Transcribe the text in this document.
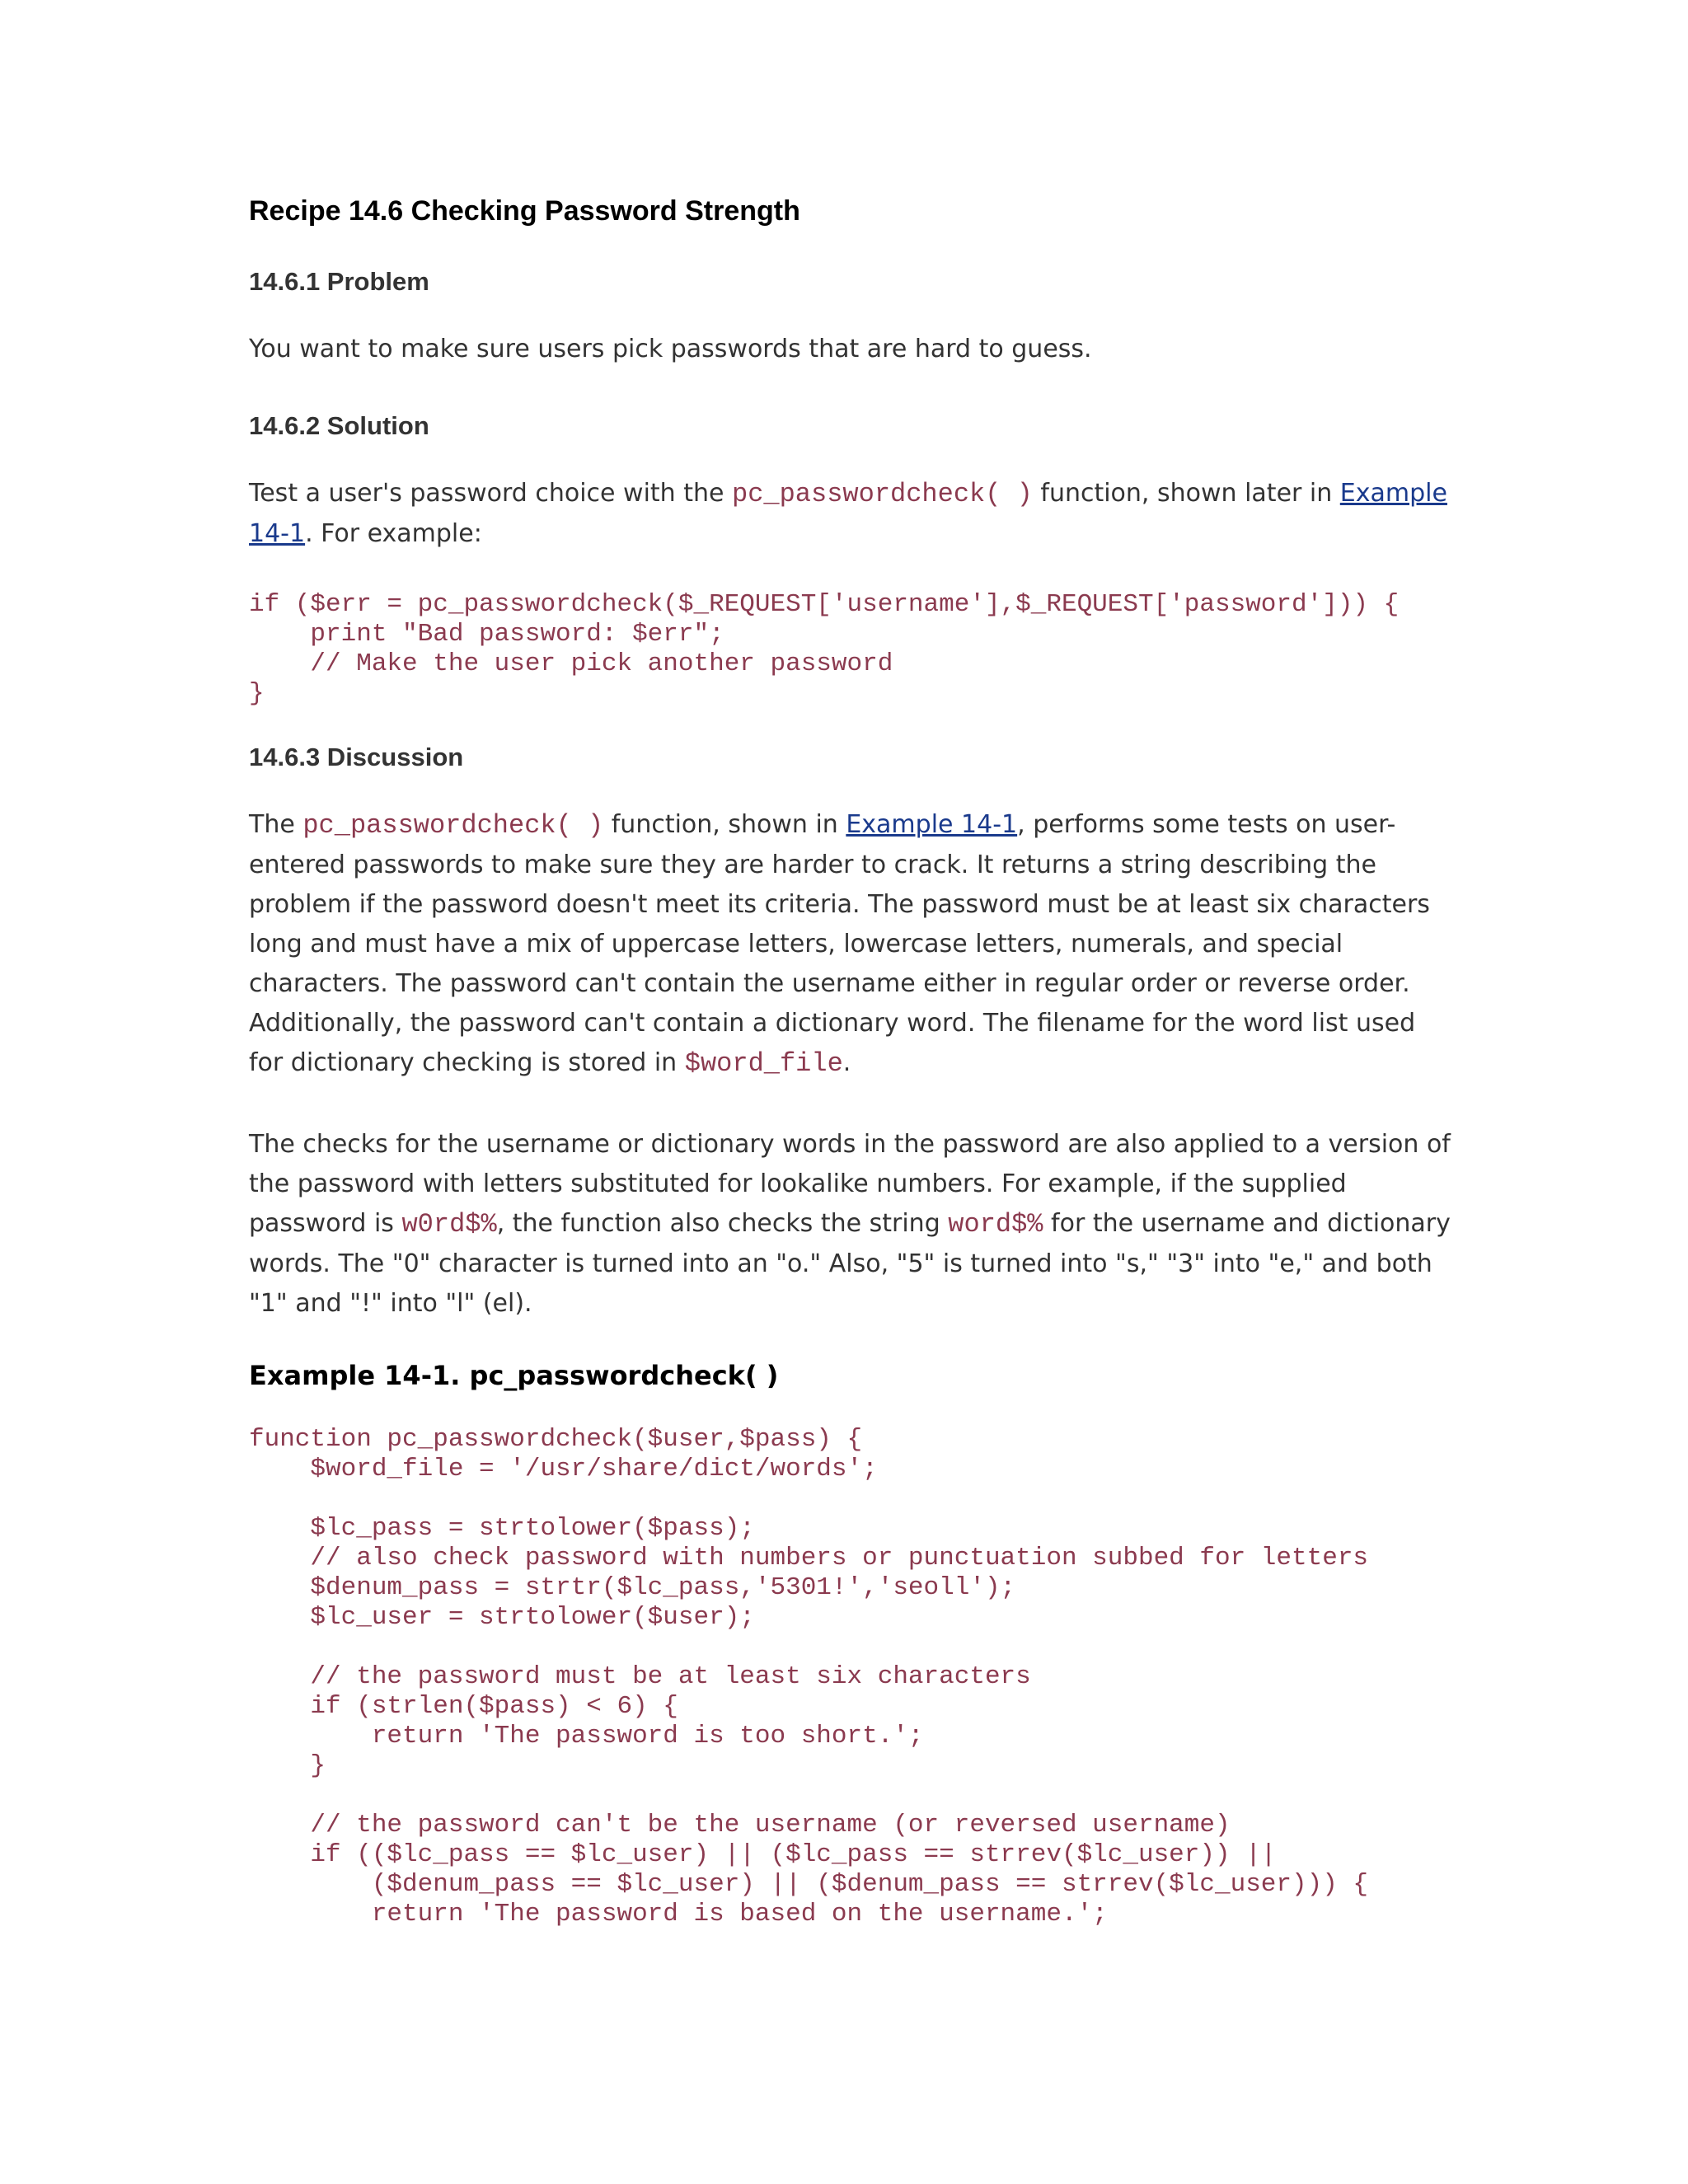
Recipe 14.6 Checking Password Strength
14.6.1 Problem

You want to make sure users pick passwords that are hard to guess.

14.6.2 Solution

Test a user's password choice with the pc_passwordcheck( ) function, shown later in Example 14-1. For example:

if ($err = pc_passwordcheck($_REQUEST['username'],$_REQUEST['password'])) {
print "Bad password: $err";
// Make the user pick another password
}
14.6.3 Discussion

The pc_passwordcheck( ) function, shown in Example 14-1, performs some tests on user-entered passwords to make sure they are harder to crack. It returns a string describing the problem if the password doesn't meet its criteria. The password must be at least six characters long and must have a mix of uppercase letters, lowercase letters, numerals, and special characters. The password can't contain the username either in regular order or reverse order. Additionally, the password can't contain a dictionary word. The filename for the word list used for dictionary checking is stored in $word_file.

The checks for the username or dictionary words in the password are also applied to a version of the password with letters substituted for lookalike numbers. For example, if the supplied password is w0rd$%, the function also checks the string word$% for the username and dictionary words. The "0" character is turned into an "o." Also, "5" is turned into "s," "3" into "e," and both "1" and "!" into "l" (el).

Example 14-1. pc_passwordcheck( )
function pc_passwordcheck($user,$pass) {
$word_file = '/usr/share/dict/words';

$lc_pass = strtolower($pass);
// also check password with numbers or punctuation subbed for letters
$denum_pass = strtr($lc_pass,'5301!','seoll');
$lc_user = strtolower($user);

// the password must be at least six characters
if (strlen($pass) < 6) {
return 'The password is too short.';
}

// the password can't be the username (or reversed username)
if (($lc_pass == $lc_user) || ($lc_pass == strrev($lc_user)) ||
($denum_pass == $lc_user) || ($denum_pass == strrev($lc_user))) {
return 'The password is based on the username.';
